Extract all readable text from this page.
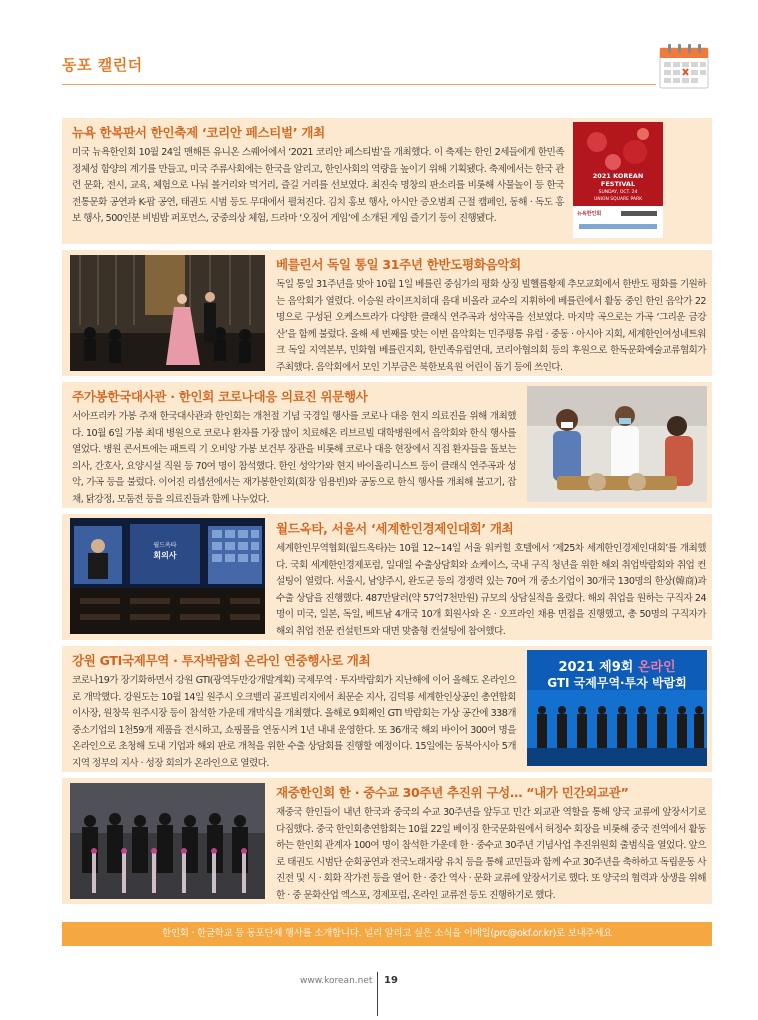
동포 캘린더
뉴욕 한복판서 한인축제 ‘코리안 페스티벌’ 개최
미국 뉴욕한인회 10월 24일 맨해튼 유니온 스퀘어에서 ‘2021 코리안 페스티벌’을 개최했다. 이 축제는 한인 2세들에게 한민족 정체성 함양의 계기를 만들고, 미국 주류사회에는 한국을 알리고, 한인사회의 역량을 높이기 위해 기획됐다. 축제에서는 한국 관련 문화, 전시, 교육, 체험으로 나눠 볼거리와 먹거리, 즐길 거리를 선보였다. 최진숙 명창의 판소리를 비롯해 사물놀이 등 한국 전통문화 공연과 K-팝 공연, 태권도 시범 등도 무대에서 펼쳐진다. 김치 홍보 행사, 아시안 증오범죄 근절 캠페인, 동해 · 독도 홍보 행사, 500인분 비빔밥 퍼포먼스, 궁중의상 체험, 드라마 ‘오징어 게임’에 소개된 게임 즐기기 등이 진행됐다.
2021 KOREAN FESTIVAL
SUNDAY, OCT. 24
UNION SQUARE PARK
뉴욕한인회
베를린서 독일 통일 31주년 한반도평화음악회
독일 통일 31주년을 맞아 10월 1일 베를린 중심가의 평화 상징 빌헬름황제 추모교회에서 한반도 평화를 기원하는 음악회가 열렸다. 이승원 라이프치히대 음대 비올라 교수의 지휘하에 베를린에서 활동 중인 한인 음악가 22명으로 구성된 오케스트라가 다양한 클래식 연주곡과 성악곡을 선보였다. 마지막 곡으로는 가곡 ‘그리운 금강산’을 함께 불렀다. 올해 세 번째를 맞는 이번 음악회는 민주평통 유럽 · 중동 · 아시아 지회, 세계한인여성네트워크 독일 지역본부, 민화협 베를린지회, 한민족유럽연대, 코리아협의회 등의 후원으로 한독문화예술교류협회가 주최했다. 음악회에서 모인 기부금은 북한보육원 어린이 돕기 등에 쓰인다.
주가봉한국대사관 · 한인회 코로나대응 의료진 위문행사
서아프리카 가봉 주재 한국대사관과 한인회는 개천절 기념 국경일 행사를 코로나 대응 현지 의료진을 위해 개최했다. 10월 6일 가봉 최대 병원으로 코로나 환자를 가장 많이 치료해온 리브르빌 대학병원에서 음악회와 한식 행사를 열었다. 병원 콘서트에는 패트릭 기 오비앙 가봉 보건부 장관을 비롯해 코로나 대응 현장에서 직접 환자들을 돌보는 의사, 간호사, 요양시설 직원 등 70여 명이 참석했다. 한인 성악가와 현지 바이올리니스트 등이 클래식 연주곡과 성악, 가곡 등을 불렀다. 이어진 리셉션에서는 재가봉한인회(회장 임용빈)와 공동으로 한식 행사를 개최해 불고기, 잡채, 닭강정, 모둠전 등을 의료진들과 함께 나누었다.
월드옥타
회의사
월드옥타, 서울서 ‘세계한인경제인대회’ 개최
세계한인무역협회(월드옥타)는 10월 12~14일 서울 워커힐 호텔에서 ‘제25차 세계한인경제인대회’를 개최했다. 국회 세계한인경제포럼, 일대일 수출상담회와 쇼케이스, 국내 구직 청년을 위한 해외 취업박람회와 취업 컨설팅이 열렸다. 서울시, 남양주시, 완도군 등의 경쟁력 있는 70여 개 중소기업이 30개국 130명의 한상(韓商)과 수출 상담을 진행했다. 487만달러(약 57억7천만원) 규모의 상담실적을 올렸다. 해외 취업을 원하는 구직자 24명이 미국, 일본, 독일, 베트남 4개국 10개 회원사와 온 · 오프라인 채용 면접을 진행했고, 총 50명의 구직자가 해외 취업 전문 컨설턴트와 대면 맞춤형 컨설팅에 참여했다.
강원 GTI국제무역 · 투자박람회 온라인 연중행사로 개최
코로나19가 장기화하면서 강원 GTI(광역두만강개발계획) 국제무역 · 투자박람회가 지난해에 이어 올해도 온라인으로 개막했다. 강원도는 10월 14일 원주시 오크밸리 골프빌리지에서 최문순 지사, 김덕룡 세계한인상공인 총연합회 이사장, 원창묵 원주시장 등이 참석한 가운데 개막식을 개최했다. 올해로 9회째인 GTI 박람회는 가상 공간에 338개 중소기업의 1천59개 제품을 전시하고, 쇼핑몰을 연동시켜 1년 내내 운영한다. 또 36개국 해외 바이어 300여 명을 온라인으로 초청해 도내 기업과 해외 판로 개척을 위한 수출 상담회를 진행할 예정이다. 15일에는 동북아시아 5개 지역 정부의 지사 · 성장 회의가 온라인으로 열렸다.
2021 제9회 온라인
GTI 국제무역·투자 박람회
재중한인회 한 · 중수교 30주년 추진위 구성… “내가 민간외교관”
재중국 한인들이 내년 한국과 중국의 수교 30주년을 앞두고 민간 외교관 역할을 통해 양국 교류에 앞장서기로 다짐했다. 중국 한인회총연합회는 10월 22일 베이징 한국문화원에서 허정수 회장을 비롯해 중국 전역에서 활동하는 한인회 관계자 100여 명이 참석한 가운데 한 · 중수교 30주년 기념사업 추진위원회 출범식을 열었다. 앞으로 태권도 시범단 순회공연과 전국노래자랑 유치 등을 통해 교민들과 함께 수교 30주년을 축하하고 독립운동 사진전 및 시 · 회화 작가전 등을 열어 한 · 중간 역사 · 문화 교류에 앞장서기로 했다. 또 양국의 협력과 상생을 위해 한 · 중 문화산업 엑스포, 경제포럼, 온라인 교류전 등도 진행하기로 했다.
한인회 · 한글학교 등 동포단체 행사를 소개합니다. 널리 알리고 싶은 소식을 이메일(prc@okf.or.kr)로 보내주세요
www.korean.net 19
